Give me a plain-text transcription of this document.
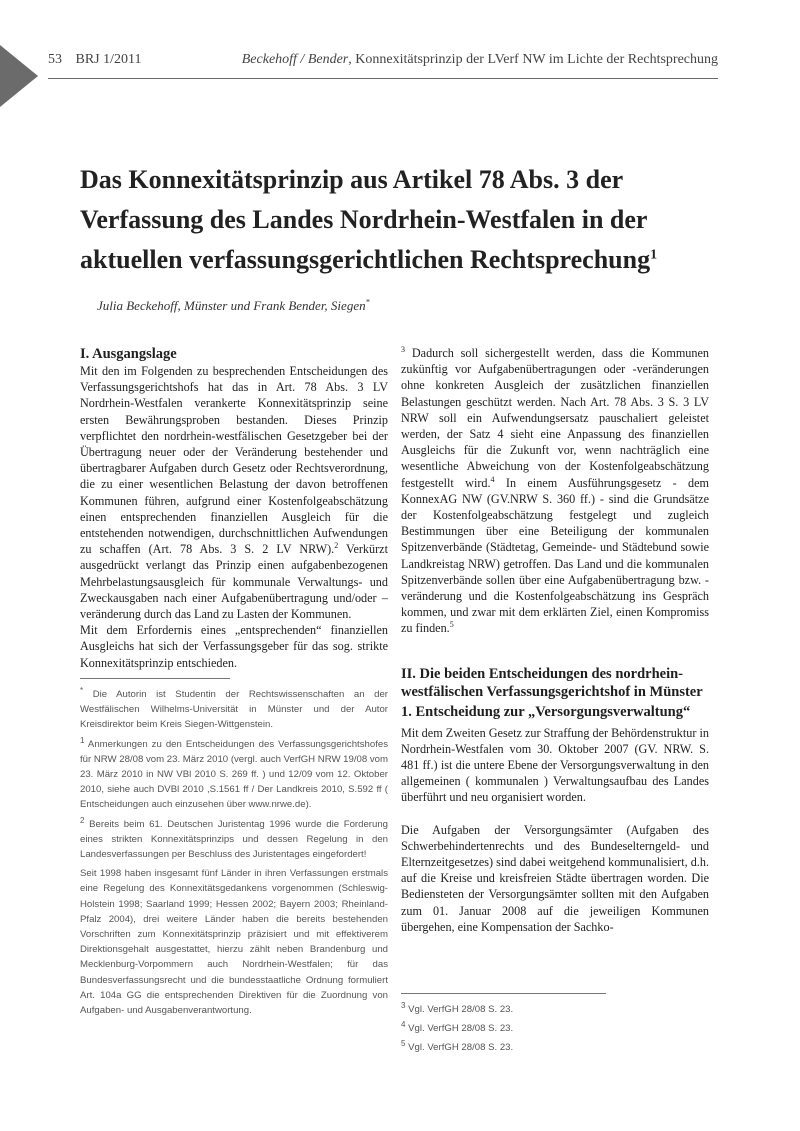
53 BRJ 1/2011	Beckehoff / Bender, Konnexitätsprinzip der LVerf NW im Lichte der Rechtsprechung
Das Konnexitätsprinzip aus Artikel 78 Abs. 3 der Verfassung des Landes Nordrhein-Westfalen in der aktuellen verfassungsgerichtlichen Rechtsprechung$^1$
Julia Beckehoff, Münster und Frank Bender, Siegen*
I. Ausgangslage

Mit den im Folgenden zu besprechenden Entscheidungen des Verfassungsgerichtshofs hat das in Art. 78 Abs. 3 LV Nordrhein-Westfalen verankerte Konnexitätsprinzip seine ersten Bewährungsproben bestanden. Dieses Prinzip verpflichtet den nordrhein-westfälischen Gesetzgeber bei der Übertragung neuer oder der Veränderung bestehender und übertragbarer Aufgaben durch Gesetz oder Rechtsverordnung, die zu einer wesentlichen Belastung der davon betroffenen Kommunen führen, aufgrund einer Kostenfolgeabschätzung einen entsprechenden finanziellen Ausgleich für die entstehenden notwendigen, durchschnittlichen Aufwendungen zu schaffen (Art. 78 Abs. 3 S. 2 LV NRW).$^2$ Verkürzt ausgedrückt verlangt das Prinzip einen aufgabenbezogenen Mehrbelastungsausgleich für kommunale Verwaltungs- und Zweckausgaben nach einer Aufgabenübertragung und/oder –veränderung durch das Land zu Lasten der Kommunen.

Mit dem Erfordernis eines „entsprechenden“ finanziellen Ausgleichs hat sich der Verfassungsgeber für das sog. strikte Konnexitätsprinzip entschieden.

* Die Autorin ist Studentin der Rechtswissenschaften an der Westfälischen Wilhelms-Universität in Münster und der Autor Kreisdirektor beim Kreis Siegen-Wittgenstein.

$^1$ Anmerkungen zu den Entscheidungen des Verfassungsgerichtshofes für NRW 28/08 vom 23. März 2010 (vergl. auch VerfGH NRW 19/08 vom 23. März 2010 in NW VBl 2010 S. 269 ff. ) und 12/09 vom 12. Oktober 2010, siehe auch DVBl 2010 ,S.1561 ff / Der Landkreis 2010, S.592 ff ( Entscheidungen auch einzusehen über www.nrwe.de).

$^2$ Bereits beim 61. Deutschen Juristentag 1996 wurde die Forderung eines strikten Konnexitätsprinzips und dessen Regelung in den Landesverfassungen per Beschluss des Juristentages eingefordert!

Seit 1998 haben insgesamt fünf Länder in ihren Verfassungen erstmals eine Regelung des Konnexitätsgedankens vorgenommen (Schleswig-Holstein 1998; Saarland 1999; Hessen 2002; Bayern 2003; Rheinland-Pfalz 2004), drei weitere Länder haben die bereits bestehenden Vorschriften zum Konnexitätsprinzip präzisiert und mit effektiverem Direktionsgehalt ausgestattet, hierzu zählt neben Brandenburg und Mecklenburg-Vorpommern auch Nordrhein-Westfalen; für das Bundesverfassungsrecht und die bundesstaatliche Ordnung formuliert Art. 104a GG die entsprechenden Direktiven für die Zuordnung von Aufgaben- und Ausgabenverantwortung.

$^3$ Dadurch soll sichergestellt werden, dass die Kommunen zukünftig vor Aufgabenübertragungen oder -veränderungen ohne konkreten Ausgleich der zusätzlichen finanziellen Belastungen geschützt werden. Nach Art. 78 Abs. 3 S. 3 LV NRW soll ein Aufwendungsersatz pauschaliert geleistet werden, der Satz 4 sieht eine Anpassung des finanziellen Ausgleichs für die Zukunft vor, wenn nachträglich eine wesentliche Abweichung von der Kostenfolgeabschätzung festgestellt wird.$^4$ In einem Ausführungsgesetz - dem KonnexAG NW (GV.NRW S. 360 ff.) - sind die Grundsätze der Kostenfolgeabschätzung festgelegt und zugleich Bestimmungen über eine Beteiligung der kommunalen Spitzenverbände (Städtetag, Gemeinde- und Städtebund sowie Landkreistag NRW) getroffen. Das Land und die kommunalen Spitzenverbände sollen über eine Aufgabenübertragung bzw. -veränderung und die Kostenfolgeabschätzung ins Gespräch kommen, und zwar mit dem erklärten Ziel, einen Kompromiss zu finden.$^5$

II. Die beiden Entscheidungen des nordrhein-westfälischen Verfassungsgerichtshof in Münster
1. Entscheidung zur „Versorgungsverwaltung“

Mit dem Zweiten Gesetz zur Straffung der Behördenstruktur in Nordrhein-Westfalen vom 30. Oktober 2007 (GV. NRW. S. 481 ff.) ist die untere Ebene der Versorgungsverwaltung in den allgemeinen ( kommunalen ) Verwaltungsaufbau des Landes überführt und neu organisiert worden.

Die Aufgaben der Versorgungsämter (Aufgaben des Schwerbehindertenrechts und des Bundeselterngeld- und Elternzeitgesetzes) sind dabei weitgehend kommunalisiert, d.h. auf die Kreise und kreisfreien Städte übertragen worden. Die Bediensteten der Versorgungsämter sollten mit den Aufgaben zum 01. Januar 2008 auf die jeweiligen Kommunen übergehen, eine Kompensation der Sachko-

$^3$ Vgl. VerfGH 28/08 S. 23.

$^4$ Vgl. VerfGH 28/08 S. 23.

$^5$ Vgl. VerfGH 28/08 S. 23.
